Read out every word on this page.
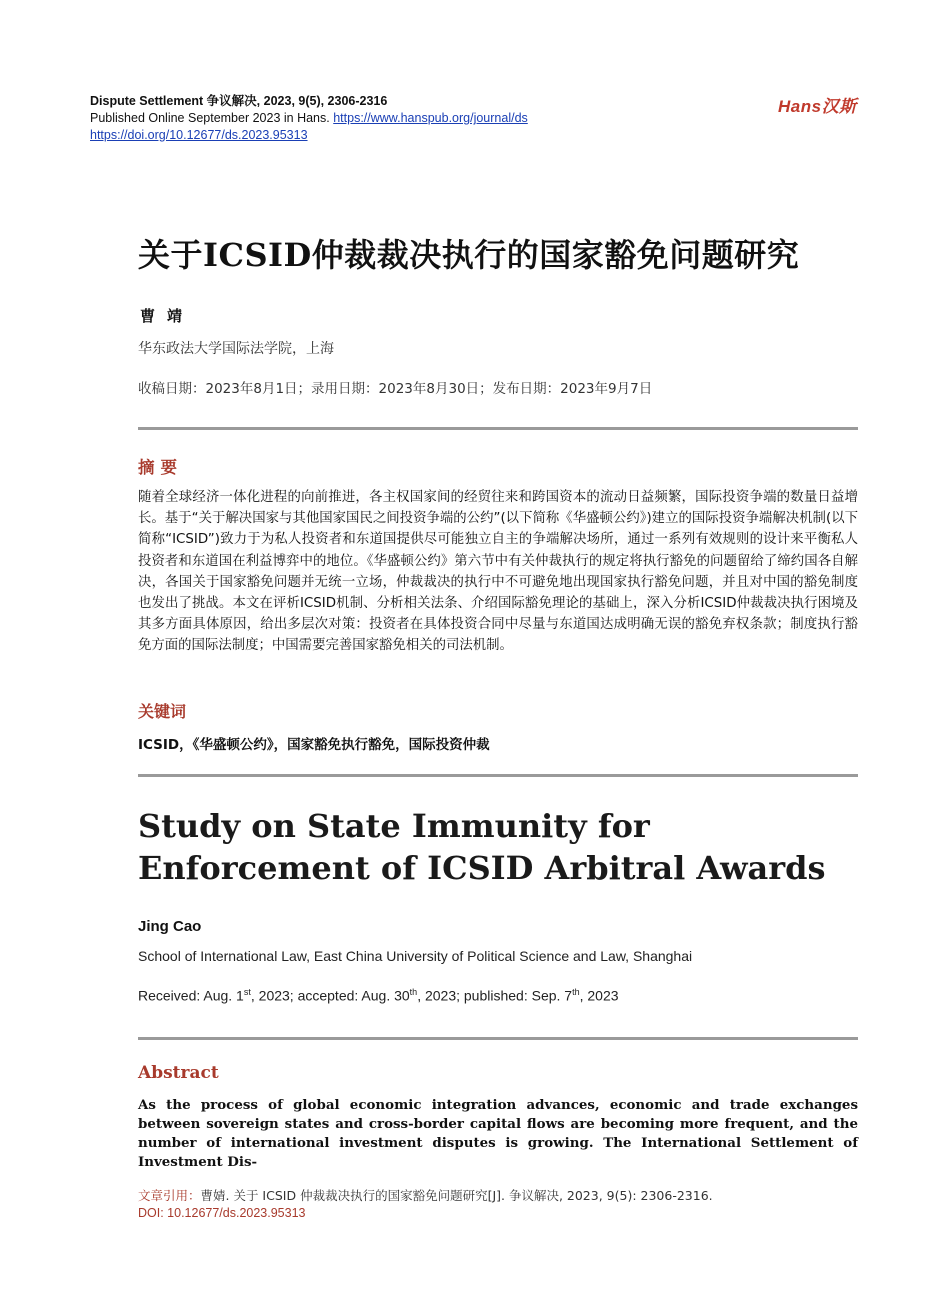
Dispute Settlement 争议解决, 2023, 9(5), 2306-2316
Published Online September 2023 in Hans. https://www.hanspub.org/journal/ds
https://doi.org/10.12677/ds.2023.95313
Hans汉斯
关于ICSID仲裁裁决执行的国家豁免问题研究
曹靖
华东政法大学国际法学院，上海
收稿日期：2023年8月1日；录用日期：2023年8月30日；发布日期：2023年9月7日
摘要
随着全球经济一体化进程的向前推进，各主权国家间的经贸往来和跨国资本的流动日益频繁，国际投资争端的数量日益增长。基于“关于解决国家与其他国家国民之间投资争端的公约”(以下简称《华盛顿公约》)建立的国际投资争端解决机制(以下简称“ICSID”)致力于为私人投资者和东道国提供尽可能独立自主的争端解决场所，通过一系列有效规则的设计来平衡私人投资者和东道国在利益博弈中的地位。《华盛顿公约》第六节中有关仲裁执行的规定将执行豁免的问题留给了缔约国各自解决，各国关于国家豁免问题并无统一立场，仲裁裁决的执行中不可避免地出现国家执行豁免问题，并且对中国的豁免制度也发出了挑战。本文在评析ICSID机制、分析相关法条、介绍国际豁免理论的基础上，深入分析ICSID仲裁裁决执行困境及其多方面具体原因，给出多层次对策：投资者在具体投资合同中尽量与东道国达成明确无误的豁免弃权条款；制度执行豁免方面的国际法制度；中国需要完善国家豁免相关的司法机制。
关键词
ICSID，《华盛顿公约》，国家豁免执行豁免，国际投资仲裁
Study on State Immunity for Enforcement of ICSID Arbitral Awards
Jing Cao
School of International Law, East China University of Political Science and Law, Shanghai
Received: Aug. 1st, 2023; accepted: Aug. 30th, 2023; published: Sep. 7th, 2023
Abstract
As the process of global economic integration advances, economic and trade exchanges between sovereign states and cross-border capital flows are becoming more frequent, and the number of international investment disputes is growing. The International Settlement of Investment Dis-
文章引用：曹婧. 关于 ICSID 仲裁裁决执行的国家豁免问题研究[J]. 争议解决, 2023, 9(5): 2306-2316.
DOI: 10.12677/ds.2023.95313
